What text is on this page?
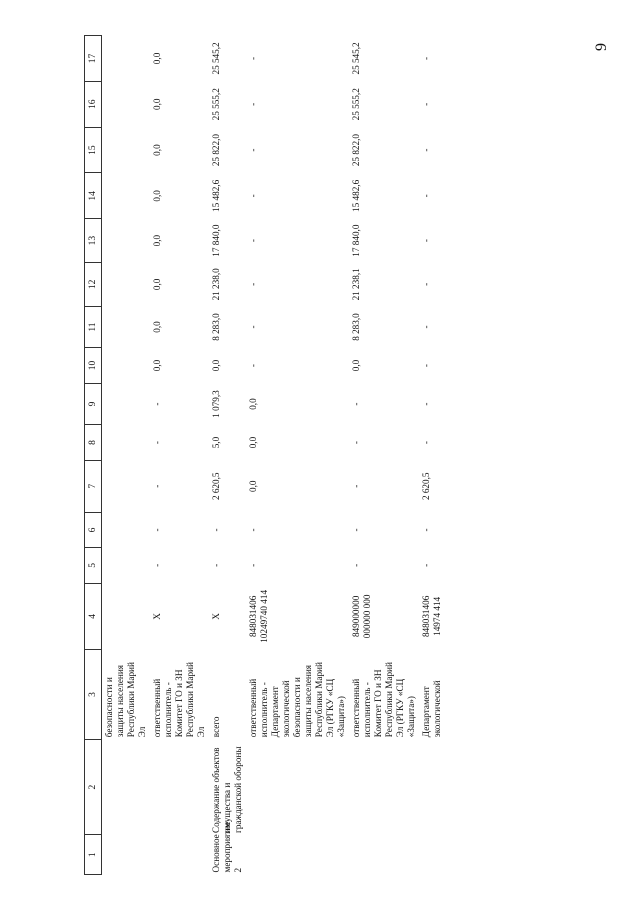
9
1	2	3	4	5	6	7	8	9	10	11	12	13	14	15	16	17
		безопасности и защиты населения Республики Марий Эл														
		ответственный исполнитель - Комитет ГО и ЗН Республики Марий Эл	X	-	-	-	-	-	0,0	0,0	0,0	0,0	0,0	0,0	0,0	0,0
Основное мероприятие 2	Содержание объектов имущества и гражданской обороны	всего	X	-	-	2 620,5	5,0	1 079,3	0,0	8 283,0	21 238,0	17 840,0	15 482,6	25 822,0	25 555,2	25 545,2
		ответственный исполнитель - Департамент экологической безопасности и защиты населения Республики Марий Эл (РГКУ «СЦ «Защита»)	848031406 10249740 414	-	-	0,0	0,0	0,0	-	-	-	-	-	-	-	-
		ответственный исполнитель - Комитет ГО и ЗН Республики Марий Эл (РГКУ «СЦ «Защита»)	849000000 000000 000	-	-	-	-	-	0,0	8 283,0	21 238,1	17 840,0	15 482,6	25 822,0	25 555,2	25 545,2
		Департамент экологической	848031406 14974 414	-	-	2 620,5	-	-	-	-	-	-	-	-	-	-
